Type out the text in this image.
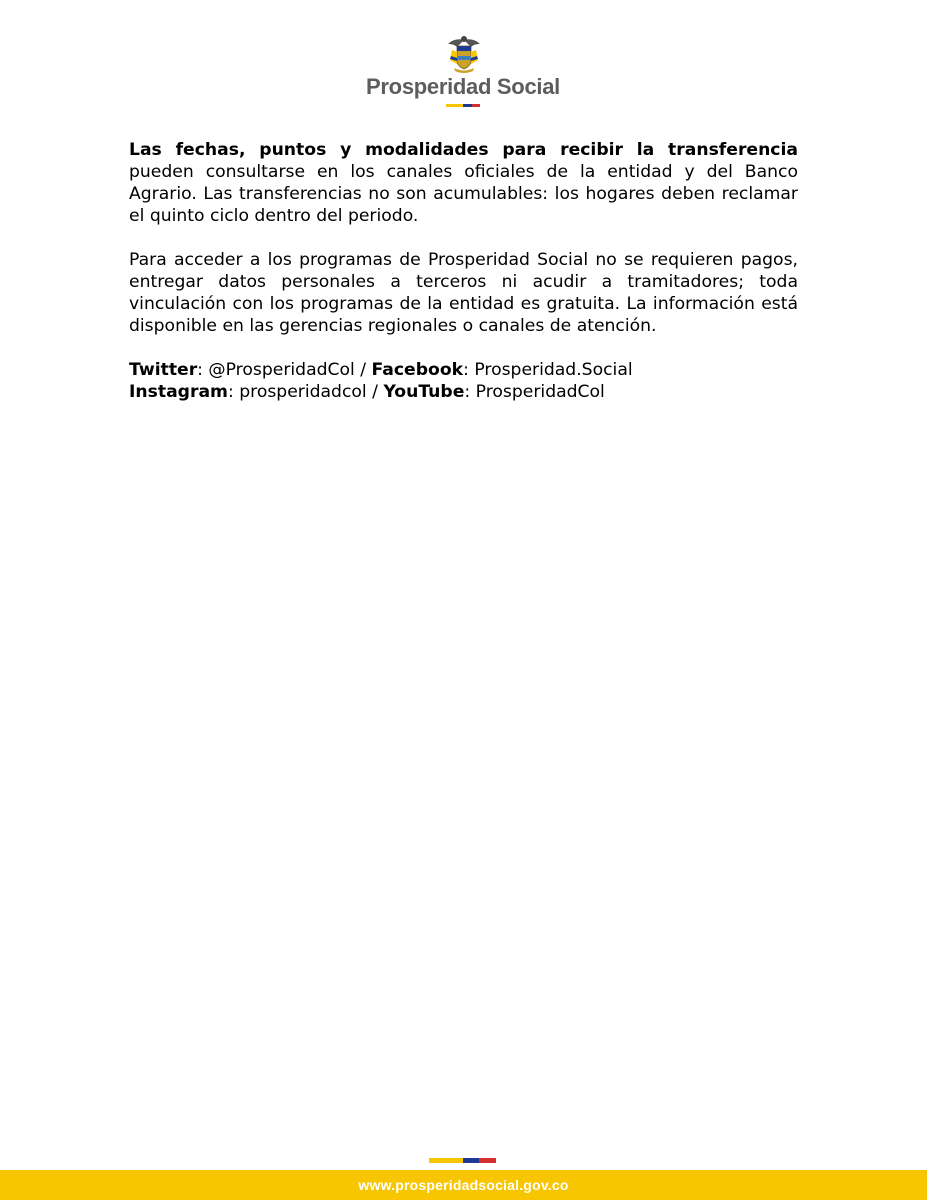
Prosperidad Social

Las fechas, puntos y modalidades para recibir la transferencia pueden consultarse en los canales oficiales de la entidad y del Banco Agrario. Las transferencias no son acumulables: los hogares deben reclamar el quinto ciclo dentro del periodo.

Para acceder a los programas de Prosperidad Social no se requieren pagos, entregar datos personales a terceros ni acudir a tramitadores; toda vinculación con los programas de la entidad es gratuita. La información está disponible en las gerencias regionales o canales de atención.

Twitter: @ProsperidadCol / Facebook: Prosperidad.Social
Instagram: prosperidadcol / YouTube: ProsperidadCol

www.prosperidadsocial.gov.co
